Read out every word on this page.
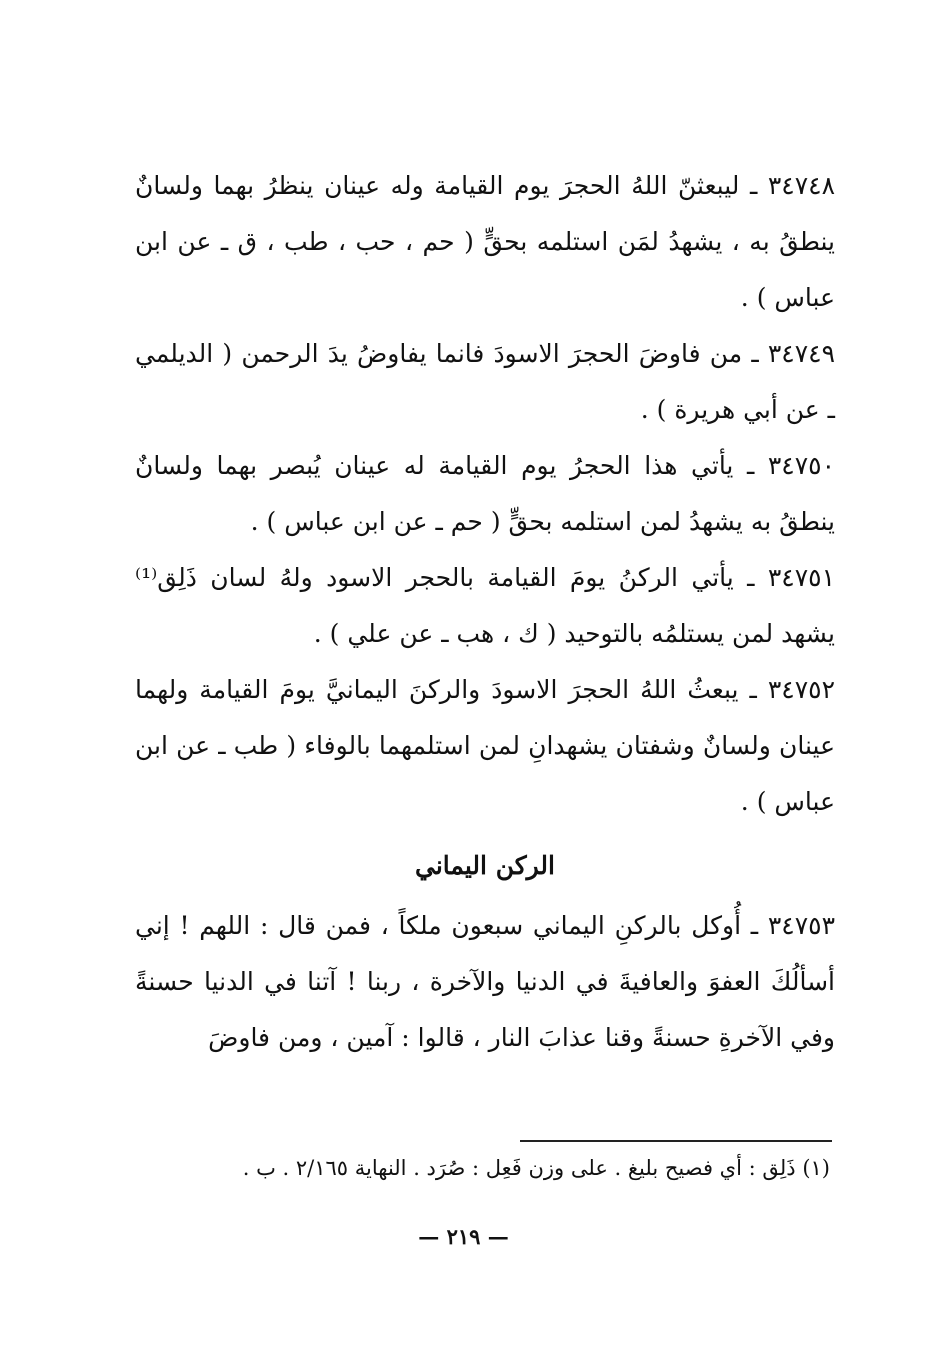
٣٤٧٤٨ ـ ليبعثنّ اللهُ الحجرَ يوم القيامة وله عينان ينظرُ بهما ولسانٌ ينطقُ به ، يشهدُ لمَن استلمه بحقٍّ ( حم ، حب ، طب ، ق ـ عن ابن عباس ) .

٣٤٧٤٩ ـ من فاوضَ الحجرَ الاسودَ فانما يفاوضُ يدَ الرحمن ( الديلمي ـ عن أبي هريرة ) .

٣٤٧٥٠ ـ يأتي هذا الحجرُ يوم القيامة له عينان يُبصر بهما ولسانٌ ينطقُ به يشهدُ لمن استلمه بحقٍّ ( حم ـ عن ابن عباس ) .

٣٤٧٥١ ـ يأتي الركنُ يومَ القيامة بالحجر الاسود ولهُ لسان ذَلِق⁽¹⁾ يشهد لمن يستلمُه بالتوحيد ( ك ، هب ـ عن علي ) .

٣٤٧٥٢ ـ يبعثُ اللهُ الحجرَ الاسودَ والركنَ اليمانيَّ يومَ القيامة ولهما عينان ولسانٌ وشفتان يشهدانِ لمن استلمهما بالوفاء ( طب ـ عن ابن عباس ) .

الركن اليماني

٣٤٧٥٣ ـ أُوكل بالركنِ اليماني سبعون ملكاً ، فمن قال : اللهم ! إني أسألُكَ العفوَ والعافيةَ في الدنيا والآخرة ، ربنا ! آتنا في الدنيا حسنةً وفي الآخرةِ حسنةً وقنا عذابَ النار ، قالوا : آمين ، ومن فاوضَ

(١) ذَلِق : أي فصيح بليغ . على وزن فَعِل : صُرَد . النهاية ٢/١٦٥ . ب .
— ٢١٩ —
